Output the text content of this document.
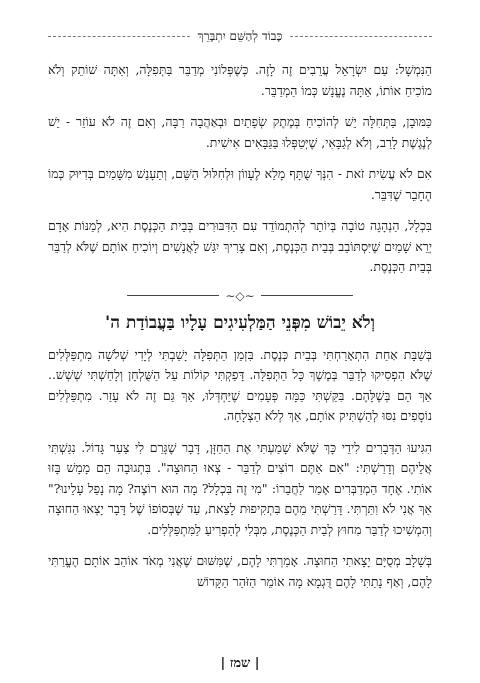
כָּבוֹד לְהַשֵּׁם יִתְבָּרֵךְ

הַנִּמְשָׁל: עַם יִשְׂרָאֵל עֲרֵבִים זֶה לָזֶה. כְּשֶׁפְּלוֹנִי מְדַבֵּר בַּתְּפִלָּה, וְאַתָּה שׁוֹתֵק וְלֹא מוֹכִיחַ אוֹתוֹ, אַתָּה נֶעֱנָשׁ כְּמוֹ הַמְדַבֵּר.

כַּמּוּבָן, בַּתְּחִלָּה יֵשׁ לְהוֹכִיחַ בְּמֶתֶק שְׂפָתַיִם וּבְאַהֲבָה רַבָּה, וְאִם זֶה לֹא עוֹזֵר - יֵשׁ לְנֶגֶשֶׁת לָרַב, וְלֹא לְגַבָּאִי, שֶׁיְּטַפְּלוּ בַּגַּבָּאִים אִישִׁית.

אִם לֹא עֲשִׂית זֹאת - הִנְּךָ שֻׁתָּף מָלֵא לֶעָווֹן וּלְחִלּוּל הַשֵּׁם, וְתֵעָנֵשׁ מִשָּׁמַיִם בְּדִיּוּק כְּמוֹ הֶחָבֵר שֶׁדִּבֵּר.

בִּכְלָל, הַנְהָגָה טוֹבָה בְּיוֹתֵר לְהִתְמוֹדֵד עִם הַדִּבּוּרִים בְּבֵית הַכְּנֶסֶת הִיא, לְמַנּוֹת אָדָם יְרֵא שָׁמַיִם שֶׁיִּסְתּוֹבֵב בְּבֵית הַכְּנֶסֶת, וְאִם צָרִיךְ יִגַּשׁ לָאֲנָשִׁים וְיוֹכִיחַ אוֹתָם שֶׁלֹּא לְדַבֵּר בְּבֵית הַכְּנֶסֶת.

∽◇∽
וְלֹא יֵבוֹשׁ מִפְּנֵי הַמַּלְעִיגִים עָלָיו בַּעֲבוֹדַת ה'

בְּשַׁבָּת אַחַת הִתְאָרַחְתִּי בְּבֵית כְּנֶסֶת. בִּזְמַן הַתְּפִלָּה יָשַׁבְתִּי לְיָדִי שְׁלֹשָׁה מִתְפַּלְּלִים שֶׁלֹּא הִפְסִיקוּ לְדַבֵּר בְּמֶשֶׁךְ כָּל הַתְּפִלָּה. דָּפַקְתִּי קוֹלוֹת עַל הַשֻּׁלְחָן וְלָחַשְׁתִּי שְׁשְׁשׁ.. אַךְ הֵם בְּשֶׁלָּהֶם. בִּקַּשְׁתִּי כַּמָּה פְּעָמִים שֶׁיַּחְדְּלוּ, אַךְ גַּם זֶה לֹא עָזַר. מִתְפַּלְּלִים נוֹסָפִים נִסּוּ לְהַשְׁתִּיק אוֹתָם, אַךְ לְלֹא הַצְלָחָה.

הִגִּיעוּ הַדְּבָרִים לִידֵי כָּךְ שֶׁלֹּא שָׁמַעְתִּי אֶת הַחַזָּן, דָּבָר שֶׁגָּרַם לִי צַעַר גָּדוֹל. נִגַּשְׁתִּי אֲלֵיהֶם וְדָרַשְׁתִּי: "אִם אַתֶּם רוֹצִים לְדַבֵּר - צְאוּ הַחוּצָה". בִּתְגוּבָה הֵם מָמָשׁ בָּזוּ אוֹתִי. אֶחָד הַמְדַבְּרִים אָמַר לַחֲבֵרוֹ: "מִי זֶה בִּכְלָל? מָה הוּא רוֹצֶה? מָה נָפַל עָלֵינוּ?" אַךְ אֲנִי לֹא וִתַּרְתִּי. דָּרַשְׁתִּי מֵהֶם בִּתְקִיפוּת לָצֵאת, עַד שֶׁבְּסוֹפוֹ שֶׁל דָּבָר יָצְאוּ הַחוּצָה וְהִמְשִׁיכוּ לְדַבֵּר מִחוּץ לְבֵית הַכְּנֶסֶת, מִבְּלִי לְהַפְרִיעַ לַמִּתְפַּלְּלִים.

בְּשָׁלָב מְסֻיָּם יָצָאתִי הַחוּצָה. אָמַרְתִּי לָהֶם, שֶׁמִּשּׁוּם שֶׁאֲנִי מְאֹד אוֹהֵב אוֹתָם הֶעֱרַתִּי לָהֶם, וְאַף נָתַתִּי לָהֶם דֻּגְמָא מָה אוֹמֵר הַזֹּהַר הַקָּדוֹשׁ

| שמז |
